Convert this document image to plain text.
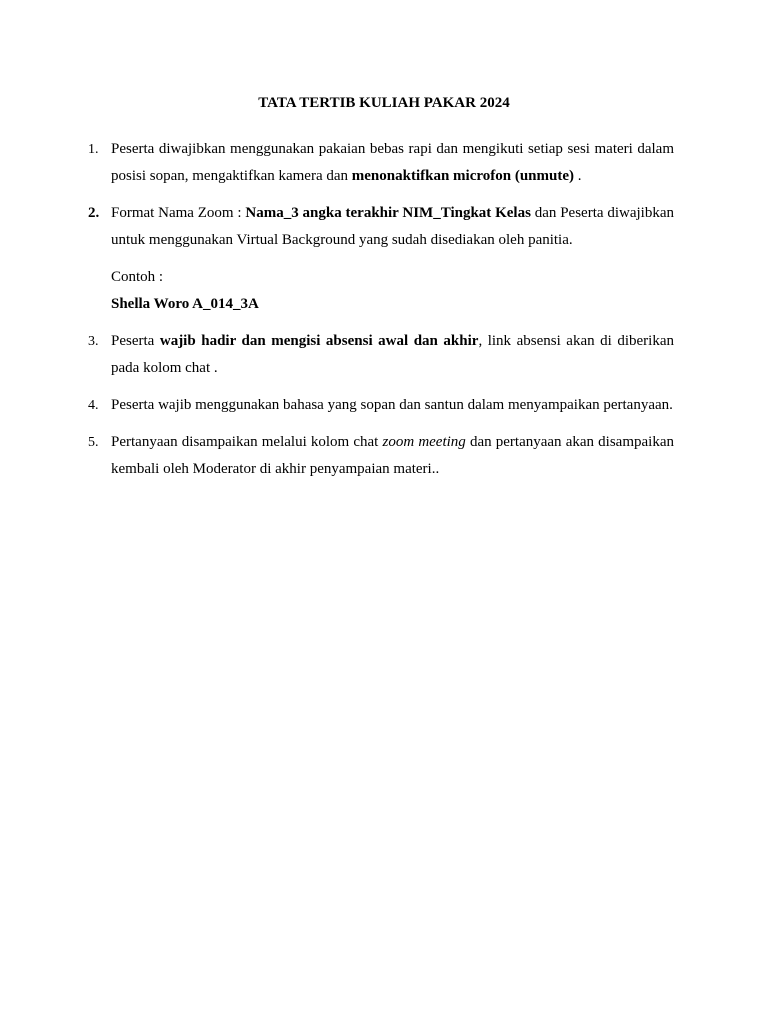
TATA TERTIB KULIAH PAKAR 2024
1. Peserta diwajibkan menggunakan pakaian bebas rapi dan mengikuti setiap sesi materi dalam posisi sopan, mengaktifkan kamera dan menonaktifkan microfon (unmute) .
2. Format Nama Zoom : Nama_3 angka terakhir NIM_Tingkat Kelas dan Peserta diwajibkan untuk menggunakan Virtual Background yang sudah disediakan oleh panitia.
Contoh :
Shella Woro A_014_3A
3. Peserta wajib hadir dan mengisi absensi awal dan akhir, link absensi akan di diberikan pada kolom chat .
4. Peserta wajib menggunakan bahasa yang sopan dan santun dalam menyampaikan pertanyaan.
5. Pertanyaan disampaikan melalui kolom chat zoom meeting dan pertanyaan akan disampaikan kembali oleh Moderator di akhir penyampaian materi..
